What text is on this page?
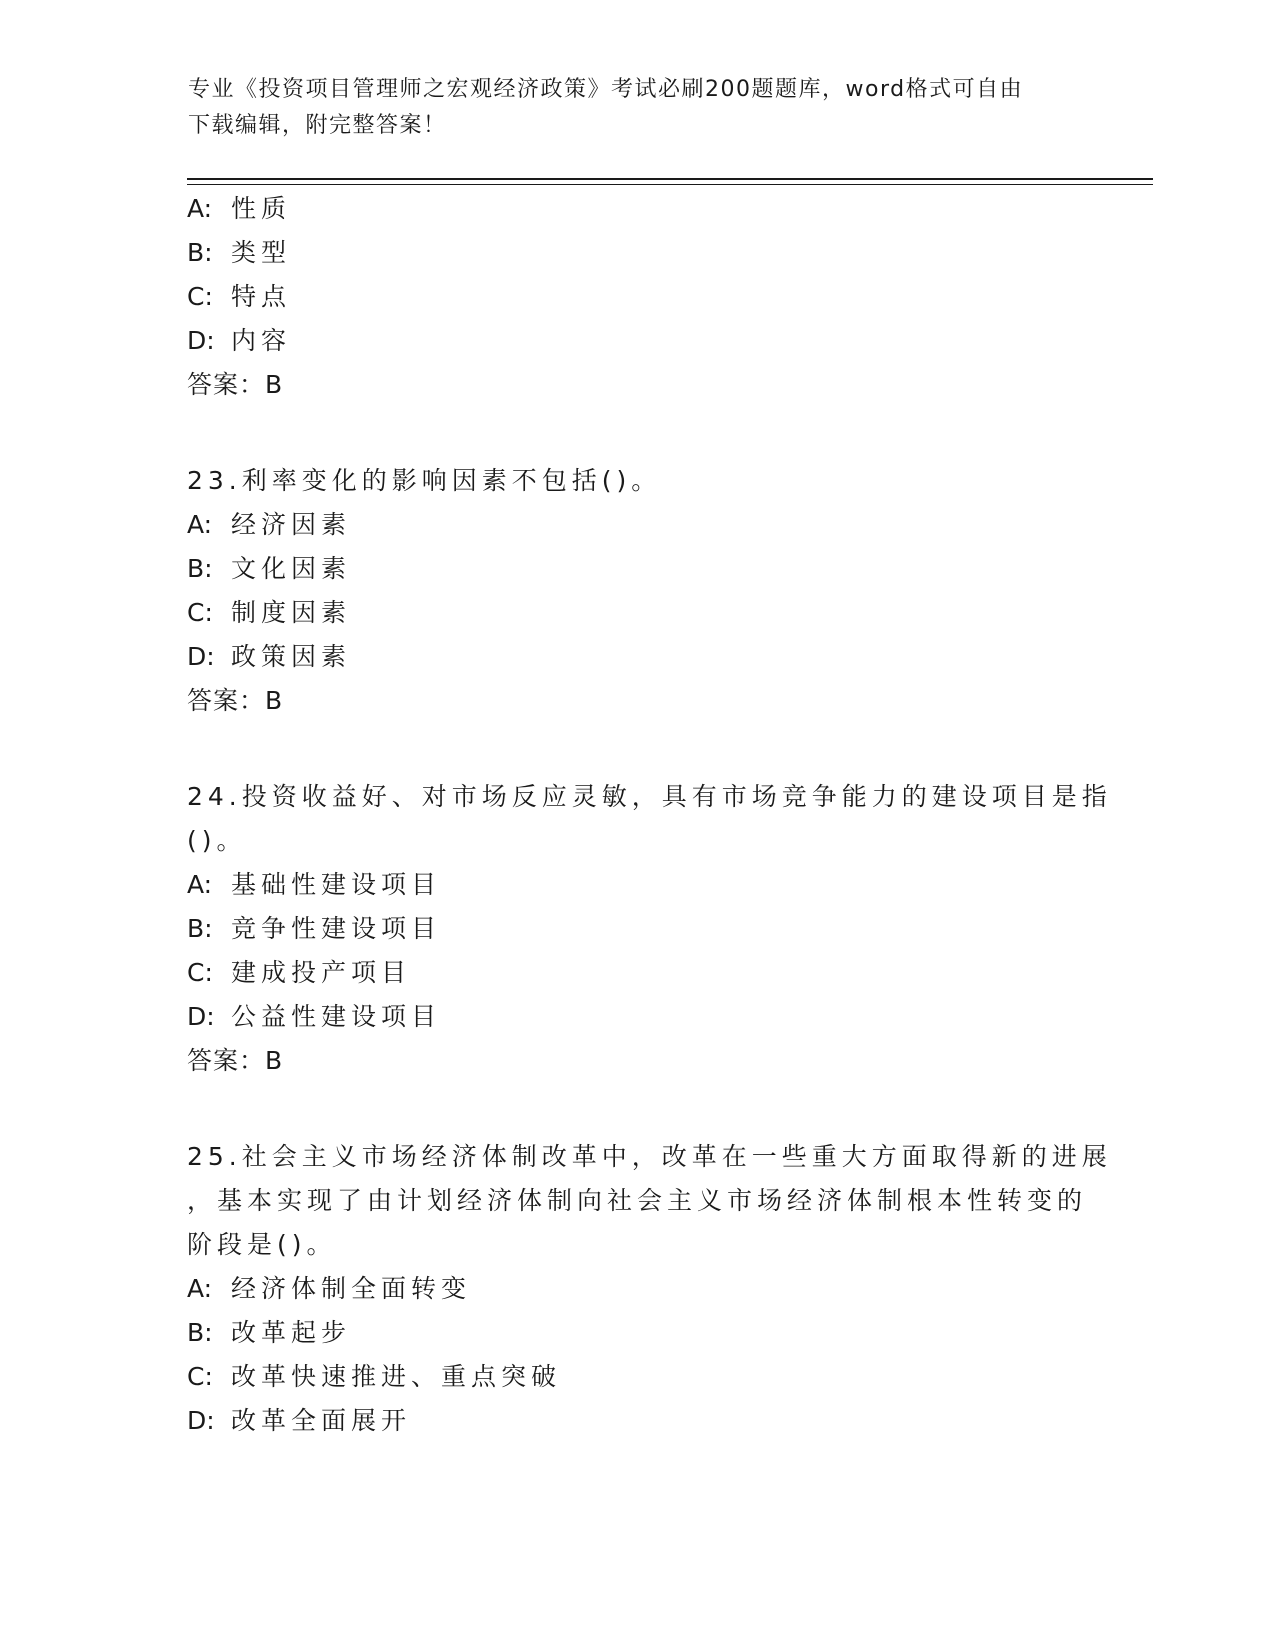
专业《投资项目管理师之宏观经济政策》考试必刷200题题库，word格式可自由
下载编辑，附完整答案！
A: 性质
B: 类型
C: 特点
D: 内容
答案：B
23.利率变化的影响因素不包括()。
A: 经济因素
B: 文化因素
C: 制度因素
D: 政策因素
答案：B
24.投资收益好、对市场反应灵敏，具有市场竞争能力的建设项目是指
()。
A: 基础性建设项目
B: 竞争性建设项目
C: 建成投产项目
D: 公益性建设项目
答案：B
25.社会主义市场经济体制改革中，改革在一些重大方面取得新的进展
，基本实现了由计划经济体制向社会主义市场经济体制根本性转变的
阶段是()。
A: 经济体制全面转变
B: 改革起步
C: 改革快速推进、重点突破
D: 改革全面展开
